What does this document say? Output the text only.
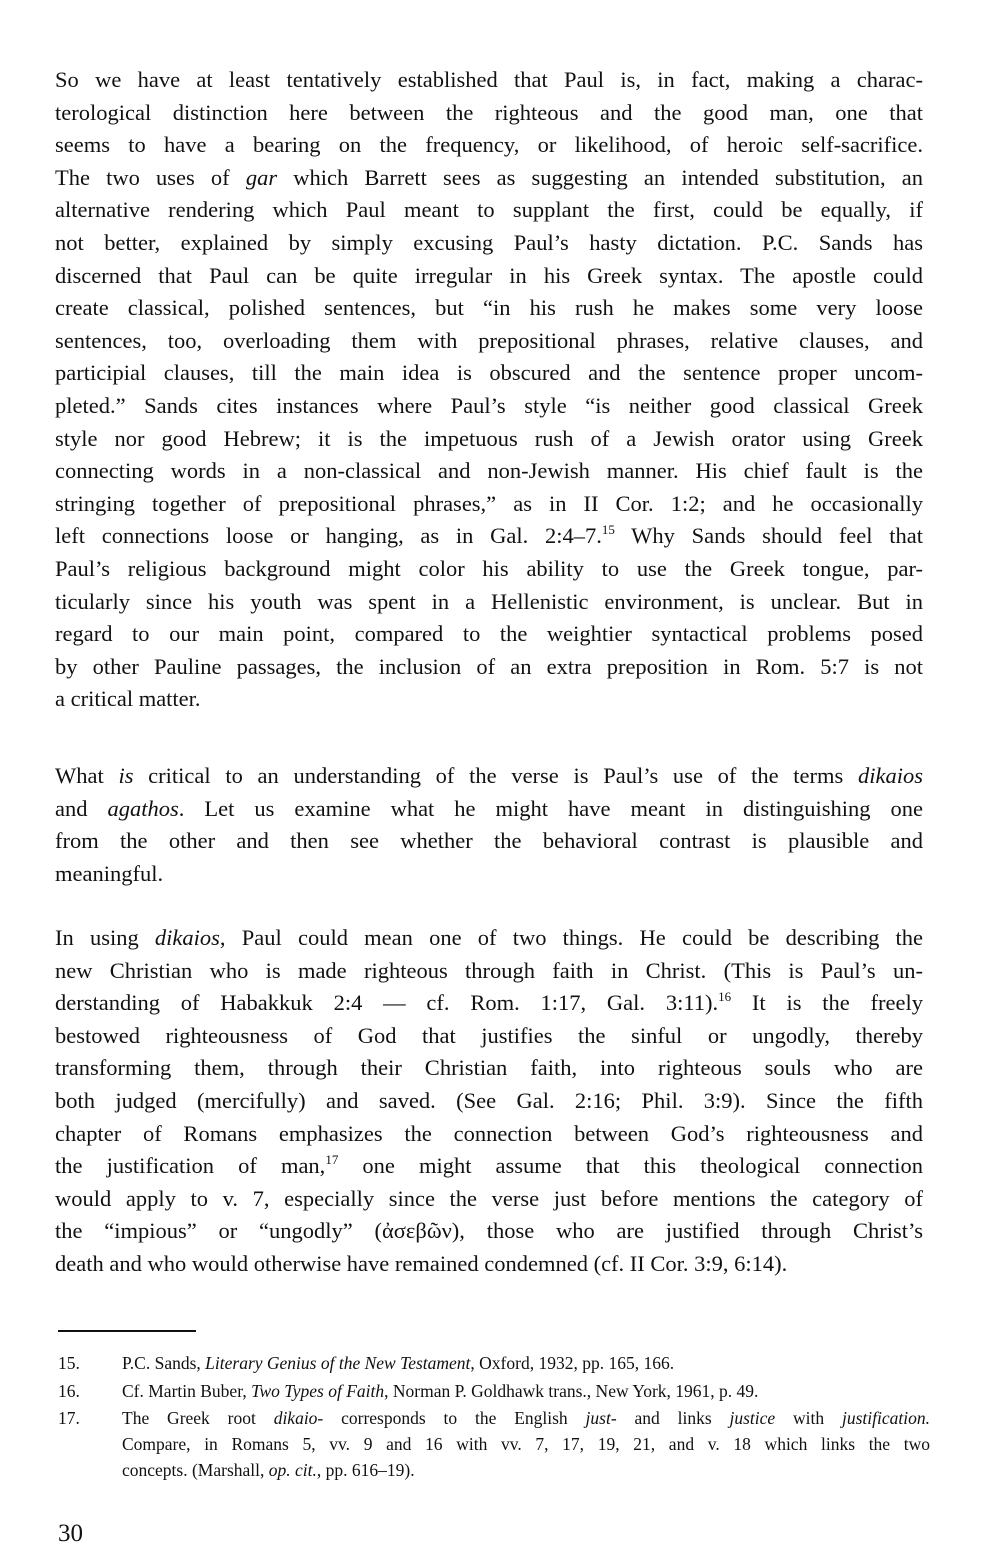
So we have at least tentatively established that Paul is, in fact, making a charac-
terological distinction here between the righteous and the good man, one that
seems to have a bearing on the frequency, or likelihood, of heroic self-sacrifice.
The two uses of gar which Barrett sees as suggesting an intended substitution, an
alternative rendering which Paul meant to supplant the first, could be equally, if
not better, explained by simply excusing Paul’s hasty dictation. P.C. Sands has
discerned that Paul can be quite irregular in his Greek syntax. The apostle could
create classical, polished sentences, but “in his rush he makes some very loose
sentences, too, overloading them with prepositional phrases, relative clauses, and
participial clauses, till the main idea is obscured and the sentence proper uncom-
pleted.” Sands cites instances where Paul’s style “is neither good classical Greek
style nor good Hebrew; it is the impetuous rush of a Jewish orator using Greek
connecting words in a non-classical and non-Jewish manner. His chief fault is the
stringing together of prepositional phrases,” as in II Cor. 1:2; and he occasionally
left connections loose or hanging, as in Gal. 2:4–7.15 Why Sands should feel that
Paul’s religious background might color his ability to use the Greek tongue, par-
ticularly since his youth was spent in a Hellenistic environment, is unclear. But in
regard to our main point, compared to the weightier syntactical problems posed
by other Pauline passages, the inclusion of an extra preposition in Rom. 5:7 is not
a critical matter.

What is critical to an understanding of the verse is Paul’s use of the terms dikaios
and agathos. Let us examine what he might have meant in distinguishing one
from the other and then see whether the behavioral contrast is plausible and
meaningful.

In using dikaios, Paul could mean one of two things. He could be describing the
new Christian who is made righteous through faith in Christ. (This is Paul’s un-
derstanding of Habakkuk 2:4 — cf. Rom. 1:17, Gal. 3:11).$^{16}$ It is the freely
bestowed righteousness of God that justifies the sinful or ungodly, thereby
transforming them, through their Christian faith, into righteous souls who are
both judged (mercifully) and saved. (See Gal. 2:16; Phil. 3:9). Since the fifth
chapter of Romans emphasizes the connection between God’s righteousness and
the justification of man,$^{17}$ one might assume that this theological connection
would apply to v. 7, especially since the verse just before mentions the category of
the “impious” or “ungodly” (ἀσεβῶν), those who are justified through Christ’s
death and who would otherwise have remained condemned (cf. II Cor. 3:9, 6:14).

15.	P.C. Sands, Literary Genius of the New Testament, Oxford, 1932, pp. 165, 166.
16.	Cf. Martin Buber, Two Types of Faith, Norman P. Goldhawk trans., New York, 1961, p. 49.
17.	The Greek root dikaio- corresponds to the English just- and links justice with justification.
Compare, in Romans 5, vv. 9 and 16 with vv. 7, 17, 19, 21, and v. 18 which links the two
concepts. (Marshall, op. cit., pp. 616–19).
30
